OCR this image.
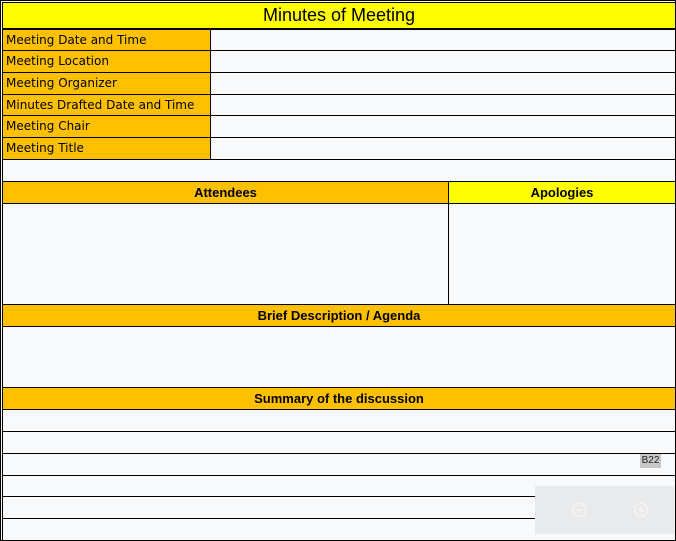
Minutes of Meeting
Meeting Date and Time
Meeting Location
Meeting Organizer
Minutes Drafted Date and Time
Meeting Chair
Meeting Title
Attendees	Apologies
Brief Description / Agenda
Summary of the discussion
B22
